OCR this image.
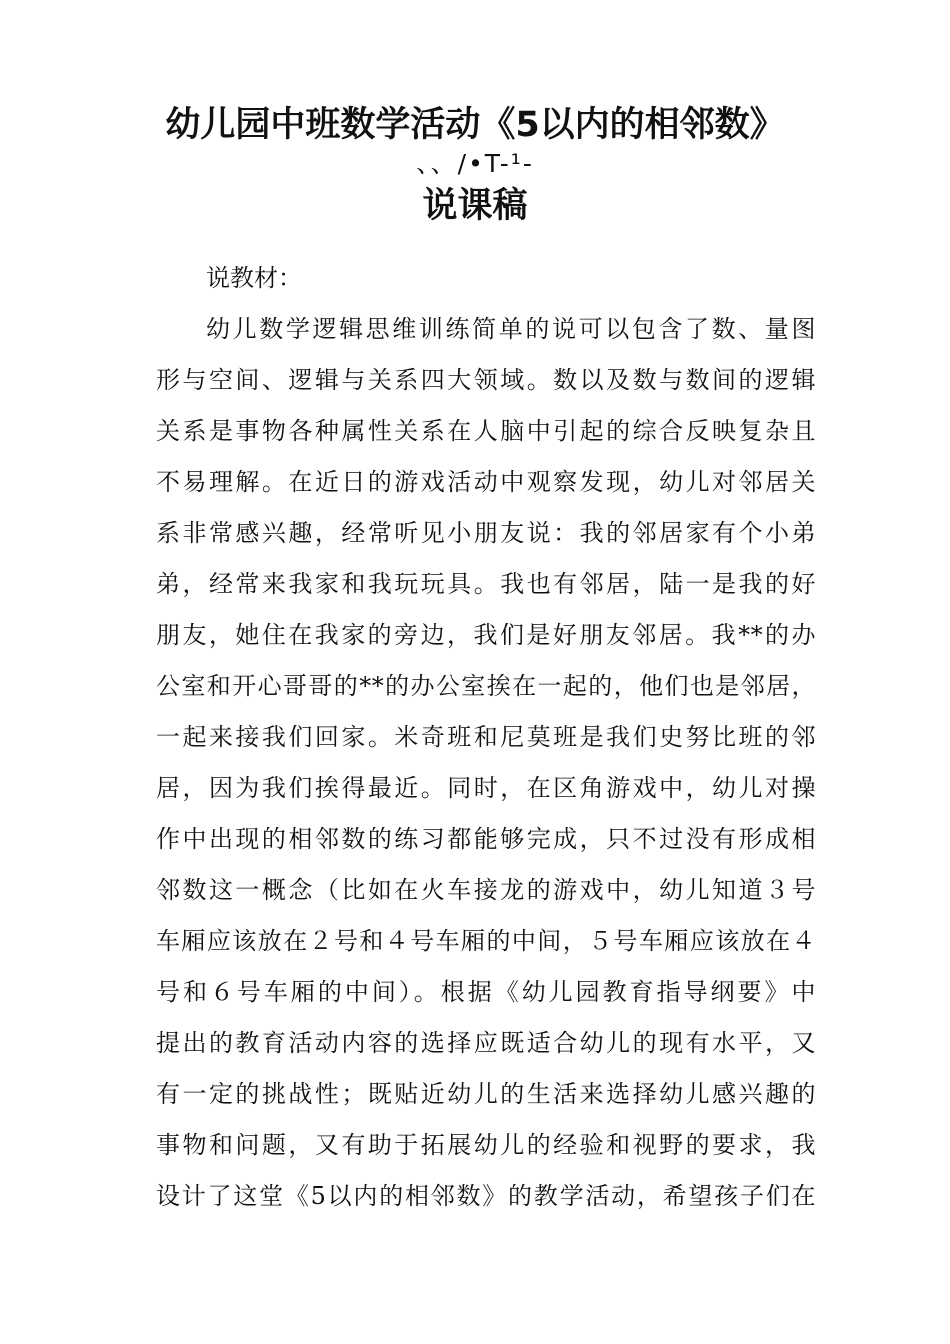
幼儿园中班数学活动《5以内的相邻数》
、、/•T-¹-
说课稿
说教材：
幼儿数学逻辑思维训练简单的说可以包含了数、量图
形与空间、逻辑与关系四大领域。数以及数与数间的逻辑
关系是事物各种属性关系在人脑中引起的综合反映复杂且
不易理解。在近日的游戏活动中观察发现，幼儿对邻居关
系非常感兴趣，经常听见小朋友说：我的邻居家有个小弟
弟，经常来我家和我玩玩具。我也有邻居，陆一是我的好
朋友，她住在我家的旁边，我们是好朋友邻居。我**的办
公室和开心哥哥的**的办公室挨在一起的，他们也是邻居，
一起来接我们回家。米奇班和尼莫班是我们史努比班的邻
居，因为我们挨得最近。同时，在区角游戏中，幼儿对操
作中出现的相邻数的练习都能够完成，只不过没有形成相
邻数这一概念（比如在火车接龙的游戏中，幼儿知道３号
车厢应该放在２号和４号车厢的中间，５号车厢应该放在４
号和６号车厢的中间）。根据《幼儿园教育指导纲要》中
提出的教育活动内容的选择应既适合幼儿的现有水平，又
有一定的挑战性；既贴近幼儿的生活来选择幼儿感兴趣的
事物和问题，又有助于拓展幼儿的经验和视野的要求，我
设计了这堂《5以内的相邻数》的教学活动，希望孩子们在
